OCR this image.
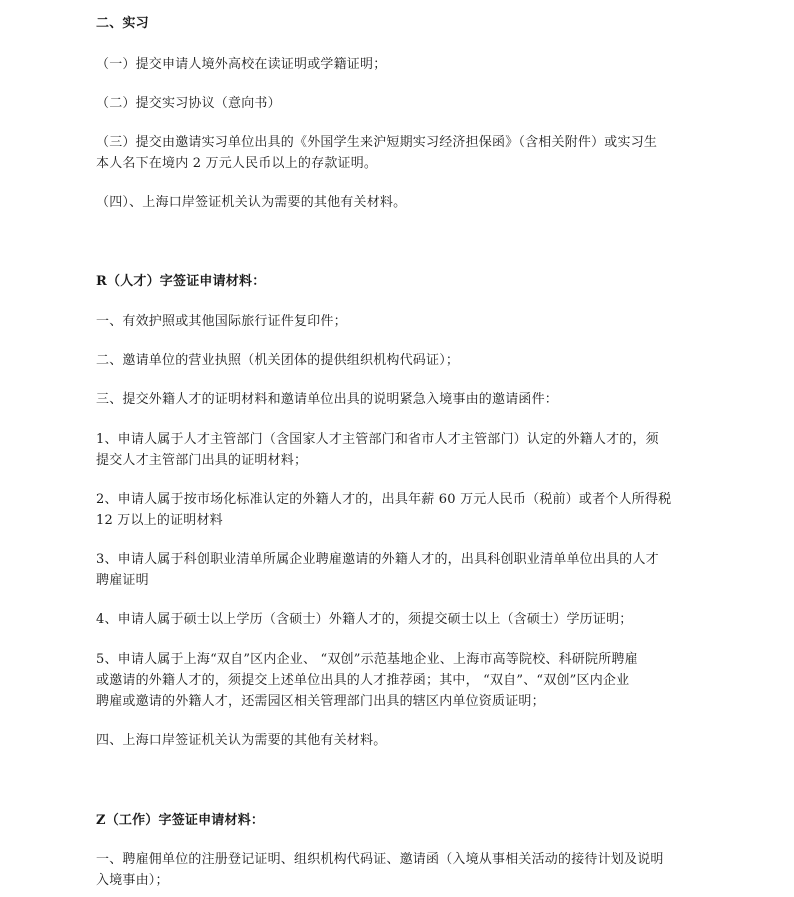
二、实习
（一）提交申请人境外高校在读证明或学籍证明；
（二）提交实习协议（意向书）
（三）提交由邀请实习单位出具的《外国学生来沪短期实习经济担保函》（含相关附件）或实习生
本人名下在境内 2 万元人民币以上的存款证明。
（四）、上海口岸签证机关认为需要的其他有关材料。
R（人才）字签证申请材料：
一、有效护照或其他国际旅行证件复印件；
二、邀请单位的营业执照（机关团体的提供组织机构代码证）；
三、提交外籍人才的证明材料和邀请单位出具的说明紧急入境事由的邀请函件：
1、申请人属于人才主管部门（含国家人才主管部门和省市人才主管部门）认定的外籍人才的，须
提交人才主管部门出具的证明材料；
2、申请人属于按市场化标准认定的外籍人才的，出具年薪 60 万元人民币（税前）或者个人所得税
12 万以上的证明材料
3、申请人属于科创职业清单所属企业聘雇邀请的外籍人才的，出具科创职业清单单位出具的人才
聘雇证明
4、申请人属于硕士以上学历（含硕士）外籍人才的，须提交硕士以上（含硕士）学历证明；
5、申请人属于上海“双自”区内企业、 “双创”示范基地企业、上海市高等院校、科研院所聘雇
或邀请的外籍人才的，须提交上述单位出具的人才推荐函；其中， “双自”、“双创”区内企业
聘雇或邀请的外籍人才，还需园区相关管理部门出具的辖区内单位资质证明；
四、上海口岸签证机关认为需要的其他有关材料。
Z（工作）字签证申请材料：
一、聘雇佣单位的注册登记证明、组织机构代码证、邀请函（入境从事相关活动的接待计划及说明
入境事由）；
